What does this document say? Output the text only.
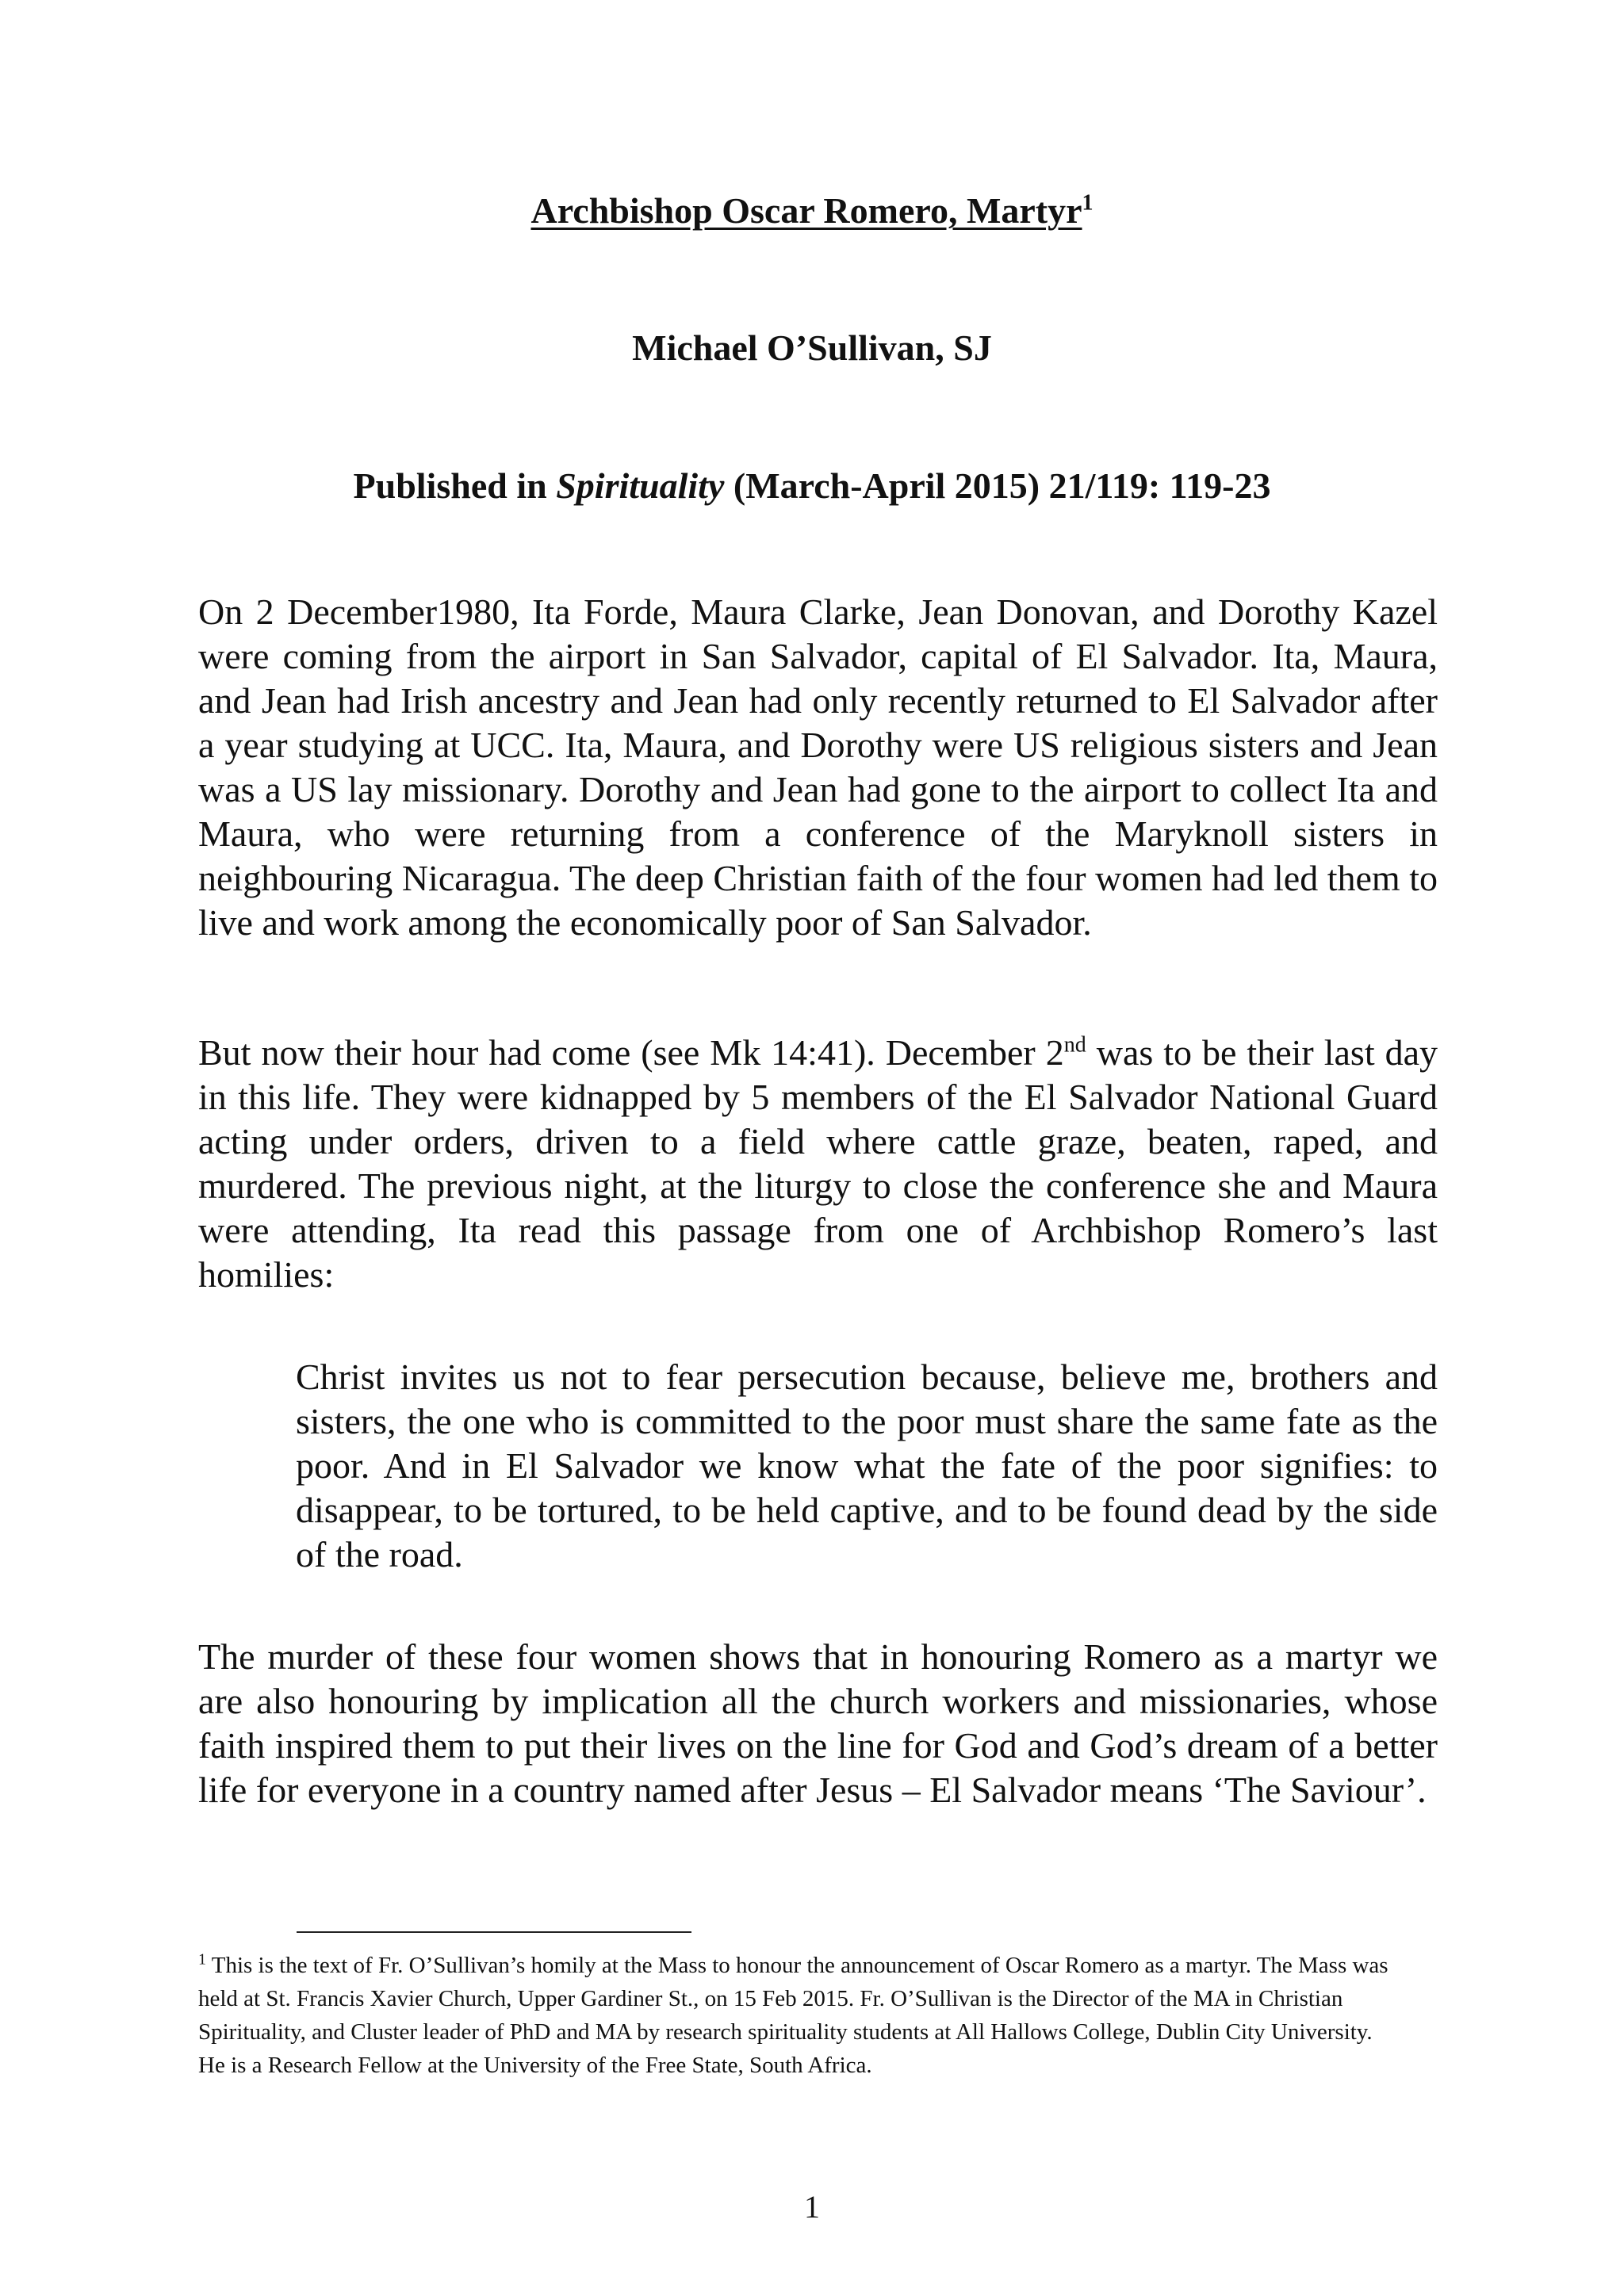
Archbishop Oscar Romero, Martyr$^1$
Michael O’Sullivan, SJ
Published in Spirituality (March-April 2015) 21/119: 119-23

On 2 December1980, Ita Forde, Maura Clarke, Jean Donovan, and Dorothy Kazel were coming from the airport in San Salvador, capital of El Salvador. Ita, Maura, and Jean had Irish ancestry and Jean had only recently returned to El Salvador after a year studying at UCC. Ita, Maura, and Dorothy were US religious sisters and Jean was a US lay missionary. Dorothy and Jean had gone to the airport to collect Ita and Maura, who were returning from a conference of the Maryknoll sisters in neighbouring Nicaragua. The deep Christian faith of the four women had led them to live and work among the economically poor of San Salvador.

But now their hour had come (see Mk 14:41). December 2nd was to be their last day in this life. They were kidnapped by 5 members of the El Salvador National Guard acting under orders, driven to a field where cattle graze, beaten, raped, and murdered. The previous night, at the liturgy to close the conference she and Maura were attending, Ita read this passage from one of Archbishop Romero’s last homilies:

Christ invites us not to fear persecution because, believe me, brothers and sisters, the one who is committed to the poor must share the same fate as the poor. And in El Salvador we know what the fate of the poor signifies: to disappear, to be tortured, to be held captive, and to be found dead by the side of the road.

The murder of these four women shows that in honouring Romero as a martyr we are also honouring by implication all the church workers and missionaries, whose faith inspired them to put their lives on the line for God and God’s dream of a better life for everyone in a country named after Jesus – El Salvador means ‘The Saviour’.

$^1$ This is the text of Fr. O’Sullivan’s homily at the Mass to honour the announcement of Oscar Romero as a martyr. The Mass was held at St. Francis Xavier Church, Upper Gardiner St., on 15 Feb 2015. Fr. O’Sullivan is the Director of the MA in Christian Spirituality, and Cluster leader of PhD and MA by research spirituality students at All Hallows College, Dublin City University. He is a Research Fellow at the University of the Free State, South Africa.

1
